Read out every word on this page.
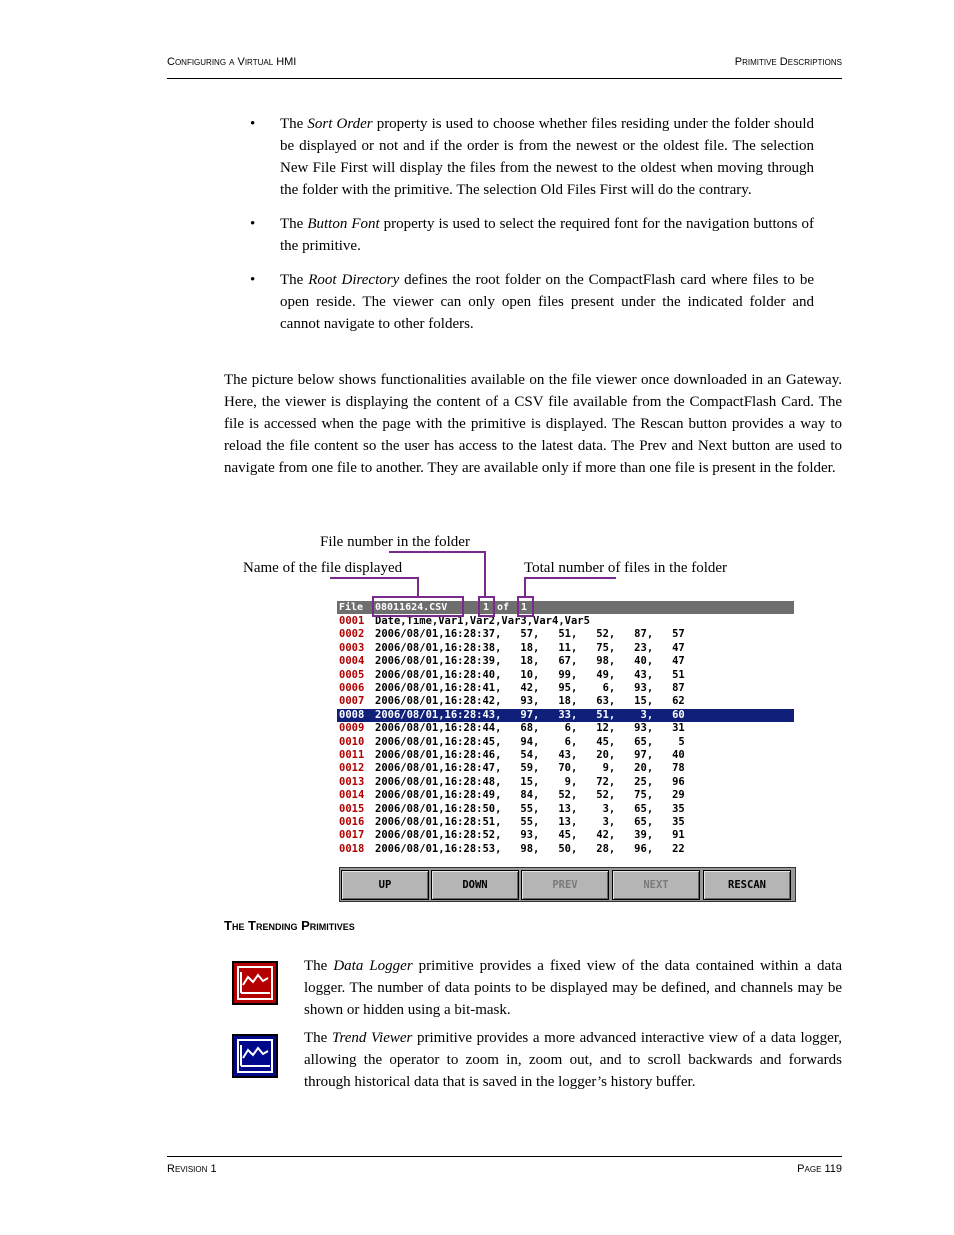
Configuring a Virtual HMI	Primitive Descriptions
• The Sort Order property is used to choose whether files residing under the folder should be displayed or not and if the order is from the newest or the oldest file. The selection New File First will display the files from the newest to the oldest when moving through the folder with the primitive. The selection Old Files First will do the contrary.
• The Button Font property is used to select the required font for the navigation buttons of the primitive.
• The Root Directory defines the root folder on the CompactFlash card where files to be open reside. The viewer can only open files present under the indicated folder and cannot navigate to other folders.
The picture below shows functionalities available on the file viewer once downloaded in an Gateway. Here, the viewer is displaying the content of a CSV file available from the CompactFlash Card. The file is accessed when the page with the primitive is displayed. The Rescan button provides a way to reload the file content so the user has access to the latest data. The Prev and Next button are used to navigate from one file to another. They are available only if more than one file is present in the folder.
File number in the folder
Name of the file displayed	Total number of files in the folder
File 08011624.CSV	1 of 1
0001 Date,Time,Var1,Var2,Var3,Var4,Var5
0002 2006/08/01,16:28:37,   57,   51,   52,   87,   57
0003 2006/08/01,16:28:38,   18,   11,   75,   23,   47
0004 2006/08/01,16:28:39,   18,   67,   98,   40,   47
0005 2006/08/01,16:28:40,   10,   99,   49,   43,   51
0006 2006/08/01,16:28:41,   42,   95,    6,   93,   87
0007 2006/08/01,16:28:42,   93,   18,   63,   15,   62
0008 2006/08/01,16:28:43,   97,   33,   51,    3,   60
0009 2006/08/01,16:28:44,   68,    6,   12,   93,   31
0010 2006/08/01,16:28:45,   94,    6,   45,   65,    5
0011 2006/08/01,16:28:46,   54,   43,   20,   97,   40
0012 2006/08/01,16:28:47,   59,   70,    9,   20,   78
0013 2006/08/01,16:28:48,   15,    9,   72,   25,   96
0014 2006/08/01,16:28:49,   84,   52,   52,   75,   29
0015 2006/08/01,16:28:50,   55,   13,    3,   65,   35
0016 2006/08/01,16:28:51,   55,   13,    3,   65,   35
0017 2006/08/01,16:28:52,   93,   45,   42,   39,   91
0018 2006/08/01,16:28:53,   98,   50,   28,   96,   22
UP	DOWN	PREV	NEXT	RESCAN
The Trending Primitives
The Data Logger primitive provides a fixed view of the data contained within a data logger. The number of data points to be displayed may be defined, and channels may be shown or hidden using a bit-mask.
The Trend Viewer primitive provides a more advanced interactive view of a data logger, allowing the operator to zoom in, zoom out, and to scroll backwards and forwards through historical data that is saved in the logger’s history buffer.
Revision 1	Page 119
